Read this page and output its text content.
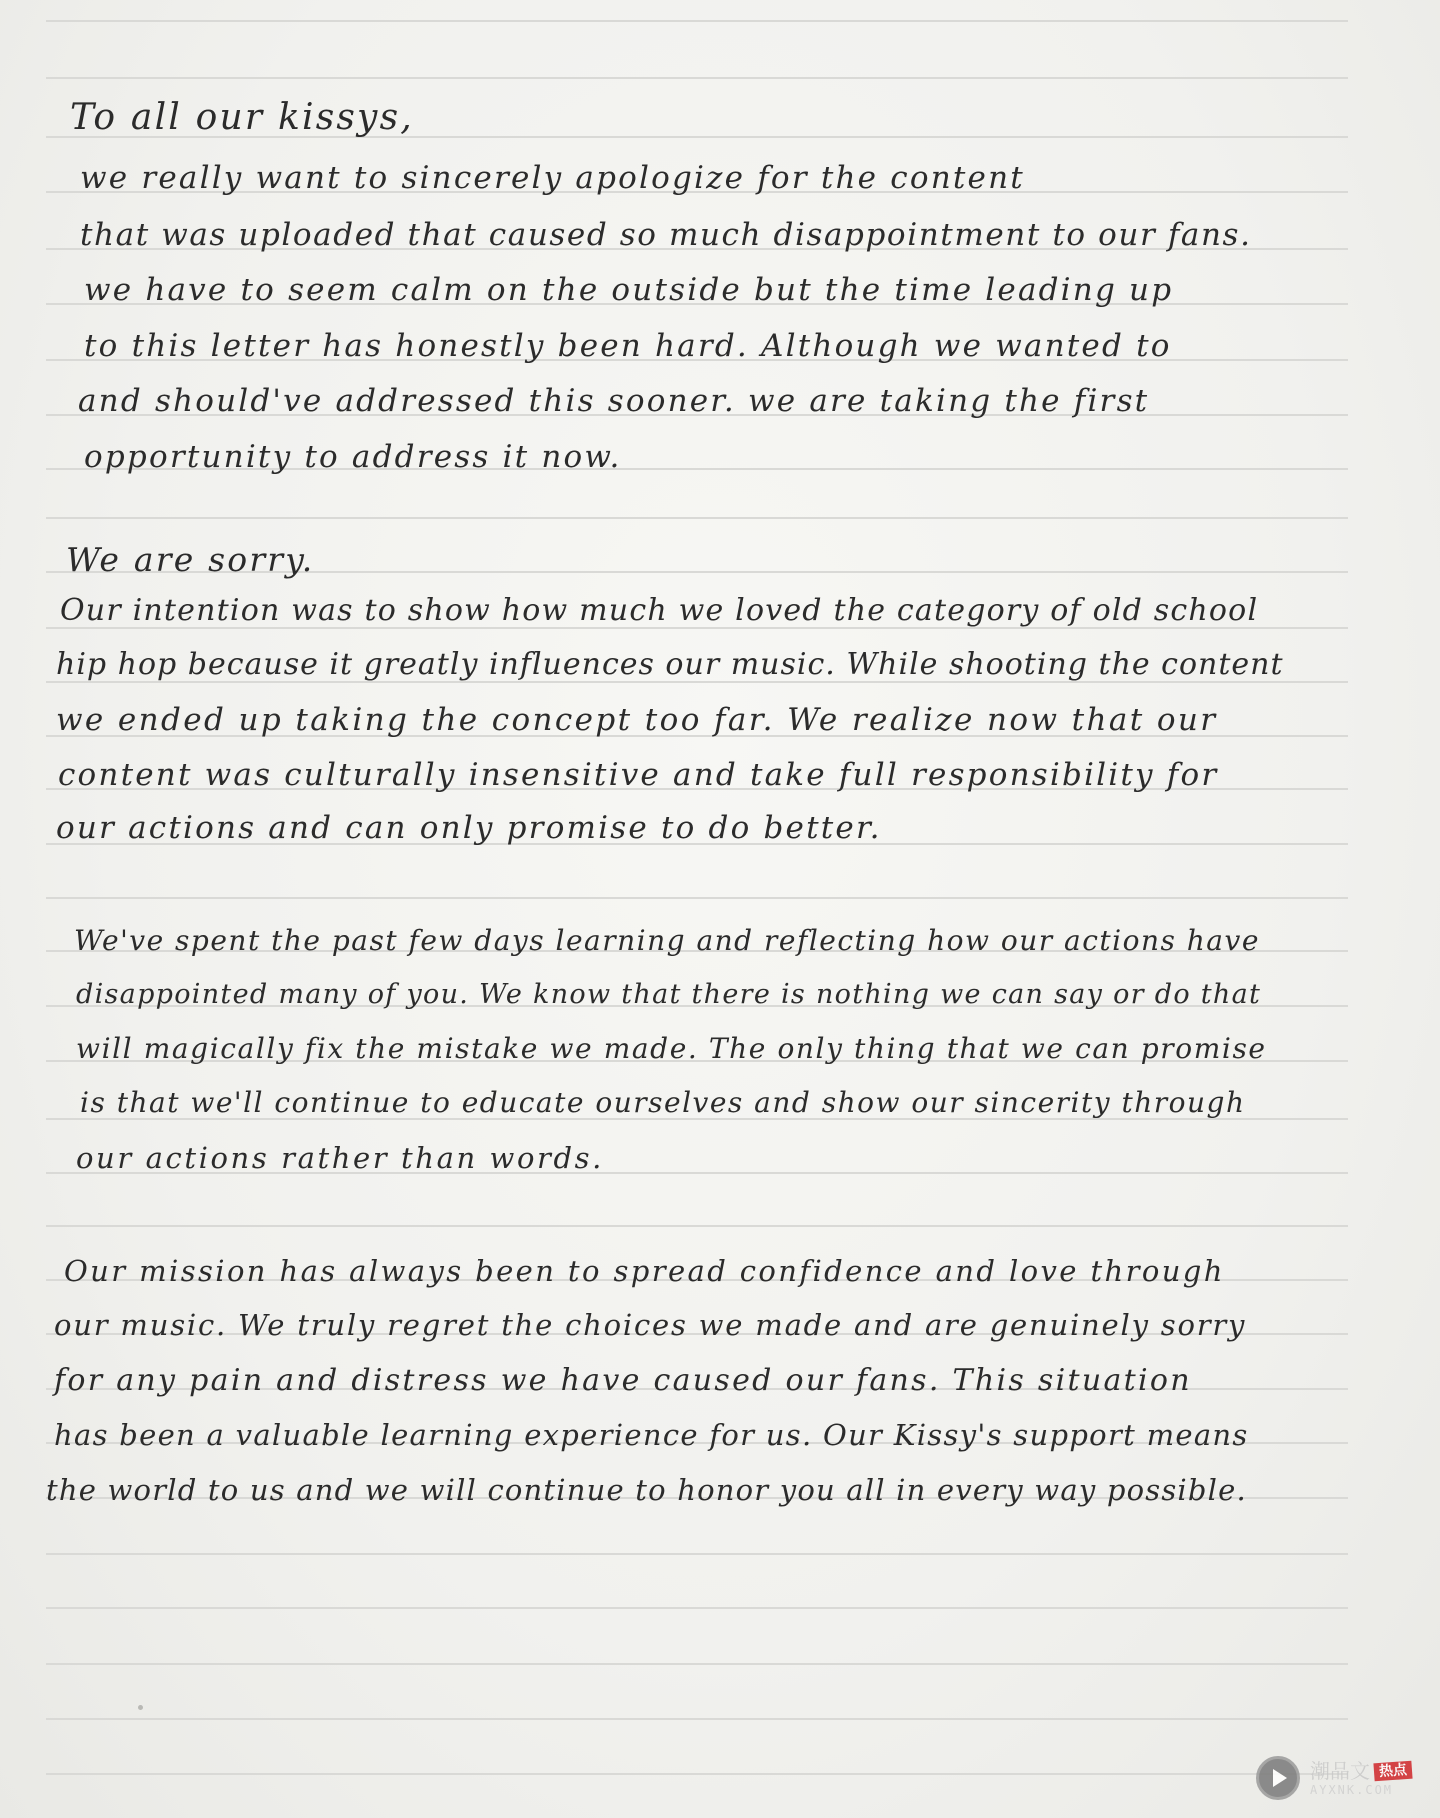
To all our kissys,

we really want to sincerely apologize for the content

that was uploaded that caused so much disappointment to our fans.

we have to seem calm on the outside but the time leading up

to this letter has honestly been hard. Although we wanted to

and should've addressed this sooner. we are taking the first

opportunity to address it now.

We are sorry.

Our intention was to show how much we loved the category of old school

hip hop because it greatly influences our music. While shooting the content

we ended up taking the concept too far. We realize now that our

content was culturally insensitive and take full responsibility for

our actions and can only promise to do better.

We've spent the past few days learning and reflecting how our actions have

disappointed many of you. We know that there is nothing we can say or do that

will magically fix the mistake we made. The only thing that we can promise

is that we'll continue to educate ourselves and show our sincerity through

our actions rather than words.

Our mission has always been to spread confidence and love through

our music. We truly regret the choices we made and are genuinely sorry

for any pain and distress we have caused our fans. This situation

has been a valuable learning experience for us. Our Kissy's support means

the world to us and we will continue to honor you all in every way possible.

潮品文 热点
AYXNK.COM
